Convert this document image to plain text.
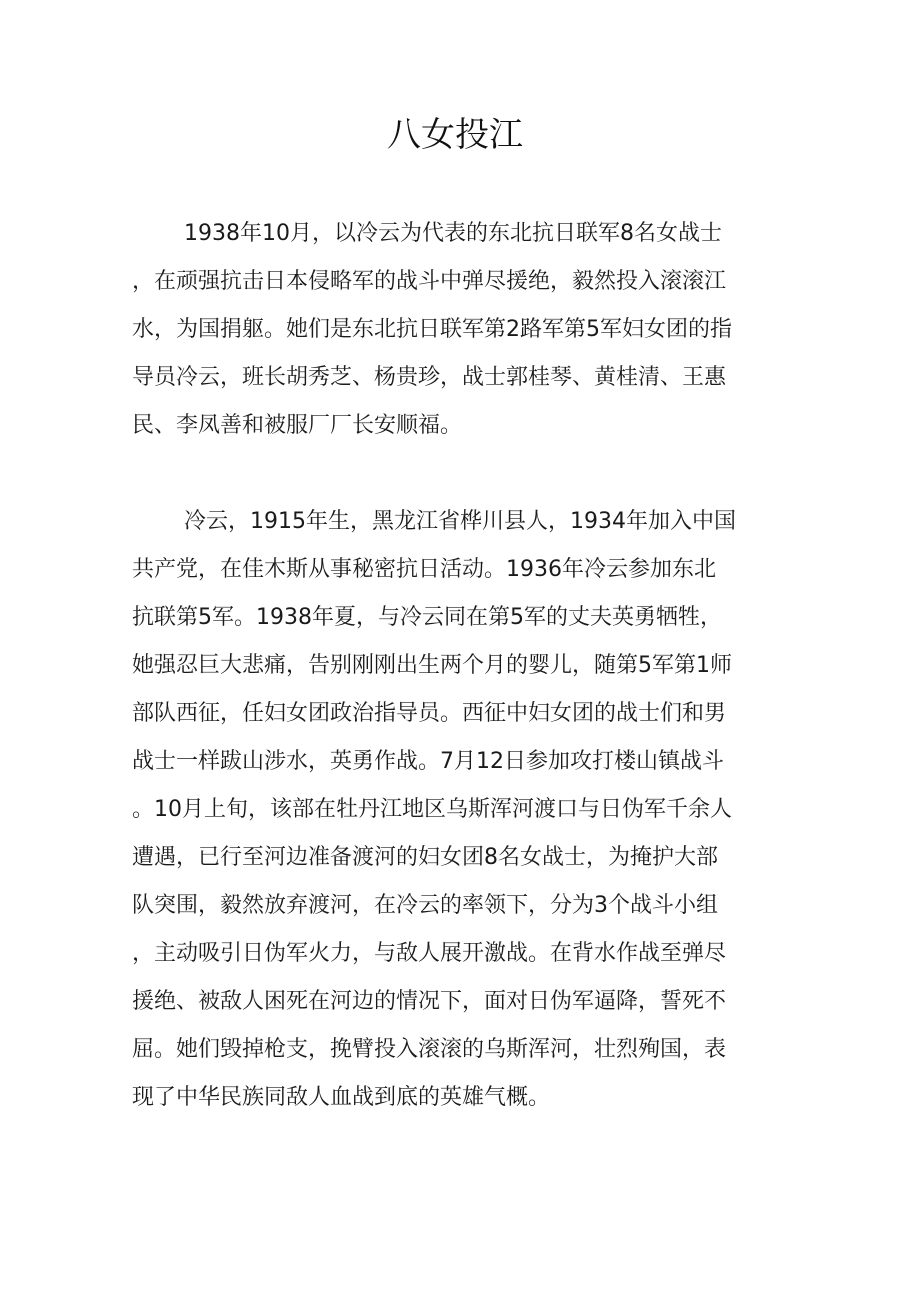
八女投江
1938年10月，以冷云为代表的东北抗日联军8名女战士
，在顽强抗击日本侵略军的战斗中弹尽援绝，毅然投入滚滚江
水，为国捐躯。她们是东北抗日联军第2路军第5军妇女团的指
导员冷云，班长胡秀芝、杨贵珍，战士郭桂琴、黄桂清、王惠
民、李凤善和被服厂厂长安顺福。
冷云，1915年生，黑龙江省桦川县人，1934年加入中国
共产党，在佳木斯从事秘密抗日活动。1936年冷云参加东北
抗联第5军。1938年夏，与冷云同在第5军的丈夫英勇牺牲，
她强忍巨大悲痛，告别刚刚出生两个月的婴儿，随第5军第1师
部队西征，任妇女团政治指导员。西征中妇女团的战士们和男
战士一样跋山涉水，英勇作战。7月12日参加攻打楼山镇战斗
。10月上旬，该部在牡丹江地区乌斯浑河渡口与日伪军千余人
遭遇，已行至河边准备渡河的妇女团8名女战士，为掩护大部
队突围，毅然放弃渡河，在冷云的率领下，分为3个战斗小组
，主动吸引日伪军火力，与敌人展开激战。在背水作战至弹尽
援绝、被敌人困死在河边的情况下，面对日伪军逼降，誓死不
屈。她们毁掉枪支，挽臂投入滚滚的乌斯浑河，壮烈殉国，表
现了中华民族同敌人血战到底的英雄气概。
